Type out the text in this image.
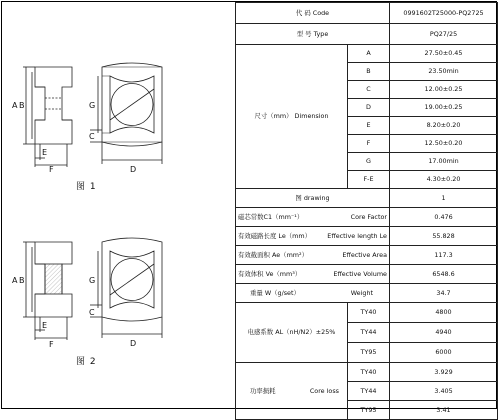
A B
E
F
G
C
D
A B
E
F
G
C
D
图 1
图 2
代 码 Code		0991602T25000-PQ2725
型 号 Type		PQ27/25
尺寸（mm） Dimension	A	27.50±0.45
	B	23.50min
	C	12.00±0.25
	D	19.00±0.25
	E	8.20±0.20
	F	12.50±0.20
	G	17.00min
	F-E	4.30±0.20
图 drawing		1
磁芯常数C1（mm⁻¹） Core Factor		0.476
有效磁路长度 Le（mm） Effective length Le		55.828
有效截面积 Ae（mm²） Effective Area		117.3
有效体积 Ve（mm³） Effective Volume		6548.6
重量 W（g/set） Weight		34.7
电感系数 AL（nH/N2）±25%	TY40	4800
	TY44	4940
	TY95	6000
功率损耗 Core loss	TY40	3.929
	TY44	3.405
	TY95	3.41
